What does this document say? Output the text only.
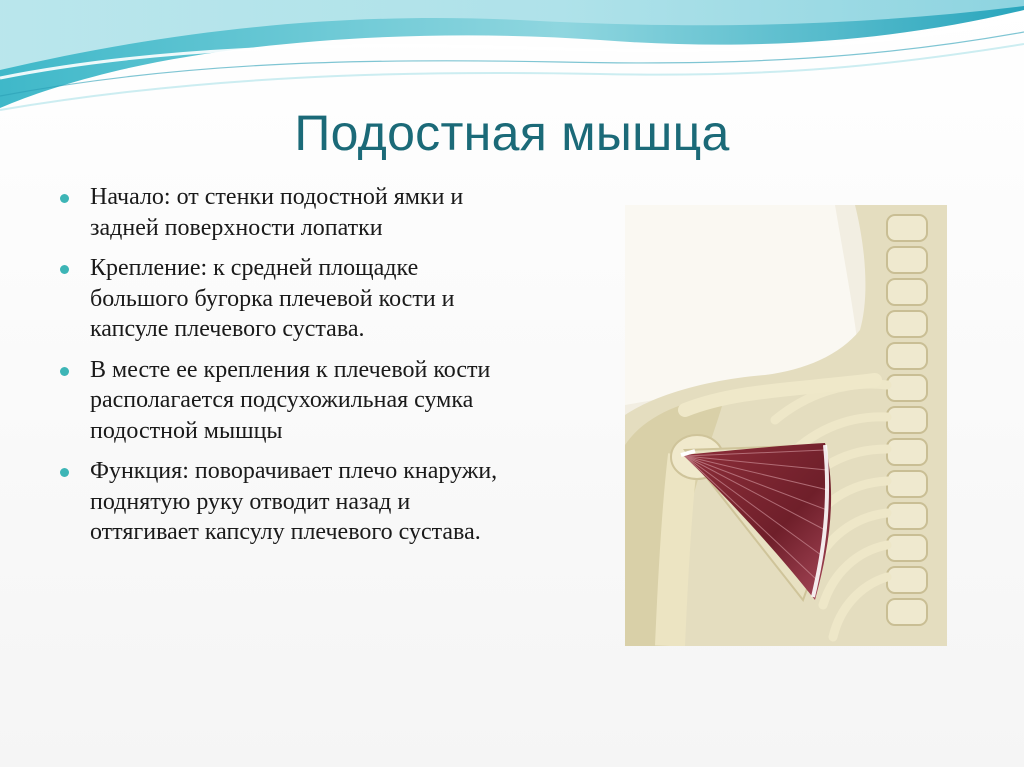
Подостная мышца
Начало: от стенки подостной ямки и задней поверхности лопатки
Крепление: к средней площадке большого бугорка плечевой кости и капсуле плечевого сустава.
В месте ее крепления к плечевой кости располагается подсухожильная сумка подостной мышцы
Функция: поворачивает плечо кнаружи, поднятую руку отводит назад и оттягивает капсулу плечевого сустава.
